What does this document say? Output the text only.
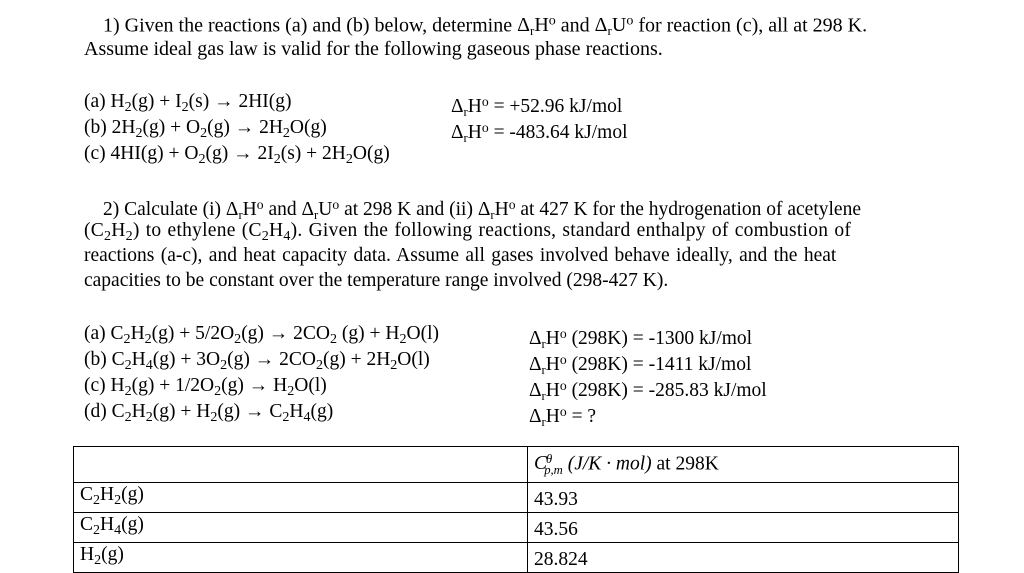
1) Given the reactions (a) and (b) below, determine ΔrH$^o$ and ΔrU$^o$ for reaction (c), all at 298 K.
Assume ideal gas law is valid for the following gaseous phase reactions.
(a) $H_2(g) + I_2(s) \to 2HI(g)$	ΔrH$^o$ = +52.96 kJ/mol
(b) $2H_2(g) + O_2(g) \to 2H_2O(g)$	ΔrH$^o$ = -483.64 kJ/mol
(c) $4HI(g) + O_2(g) \to 2I_2(s) + 2H_2O(g)$
2) Calculate (i) ΔrH$^o$ and ΔrU$^o$ at 298 K and (ii) ΔrH$^o$ at 427 K for the hydrogenation of acetylene
$(C_2H_2)$ to ethylene $(C_2H_4)$. Given the following reactions, standard enthalpy of combustion of
reactions (a-c), and heat capacity data. Assume all gases involved behave ideally, and the heat
capacities to be constant over the temperature range involved (298-427 K).
(a) $C_2H_2(g) + 5/2O_2(g) \to 2CO_2$ $(g) + H_2O(l)$	ΔrH$^o$ (298K) = -1300 kJ/mol
(b) $C_2H_4(g) + 3O_2(g) \to 2CO_2(g) + 2H_2O(l)$	ΔrH$^o$ (298K) = -1411 kJ/mol
(c) $H_2(g) + 1/2O_2(g) \to H_2O(l)$	ΔrH$^o$ (298K) = -285.83 kJ/mol
(d) $C_2H_2(g) + H_2(g) \to C_2H_4(g)$	ΔrH$^o$ = ?
	$C^\theta_{p,m}$ (J/K · mol) at 298K
$C_2H_2(g)$	43.93
$C_2H_4(g)$	43.56
$H_2(g)$	28.824
